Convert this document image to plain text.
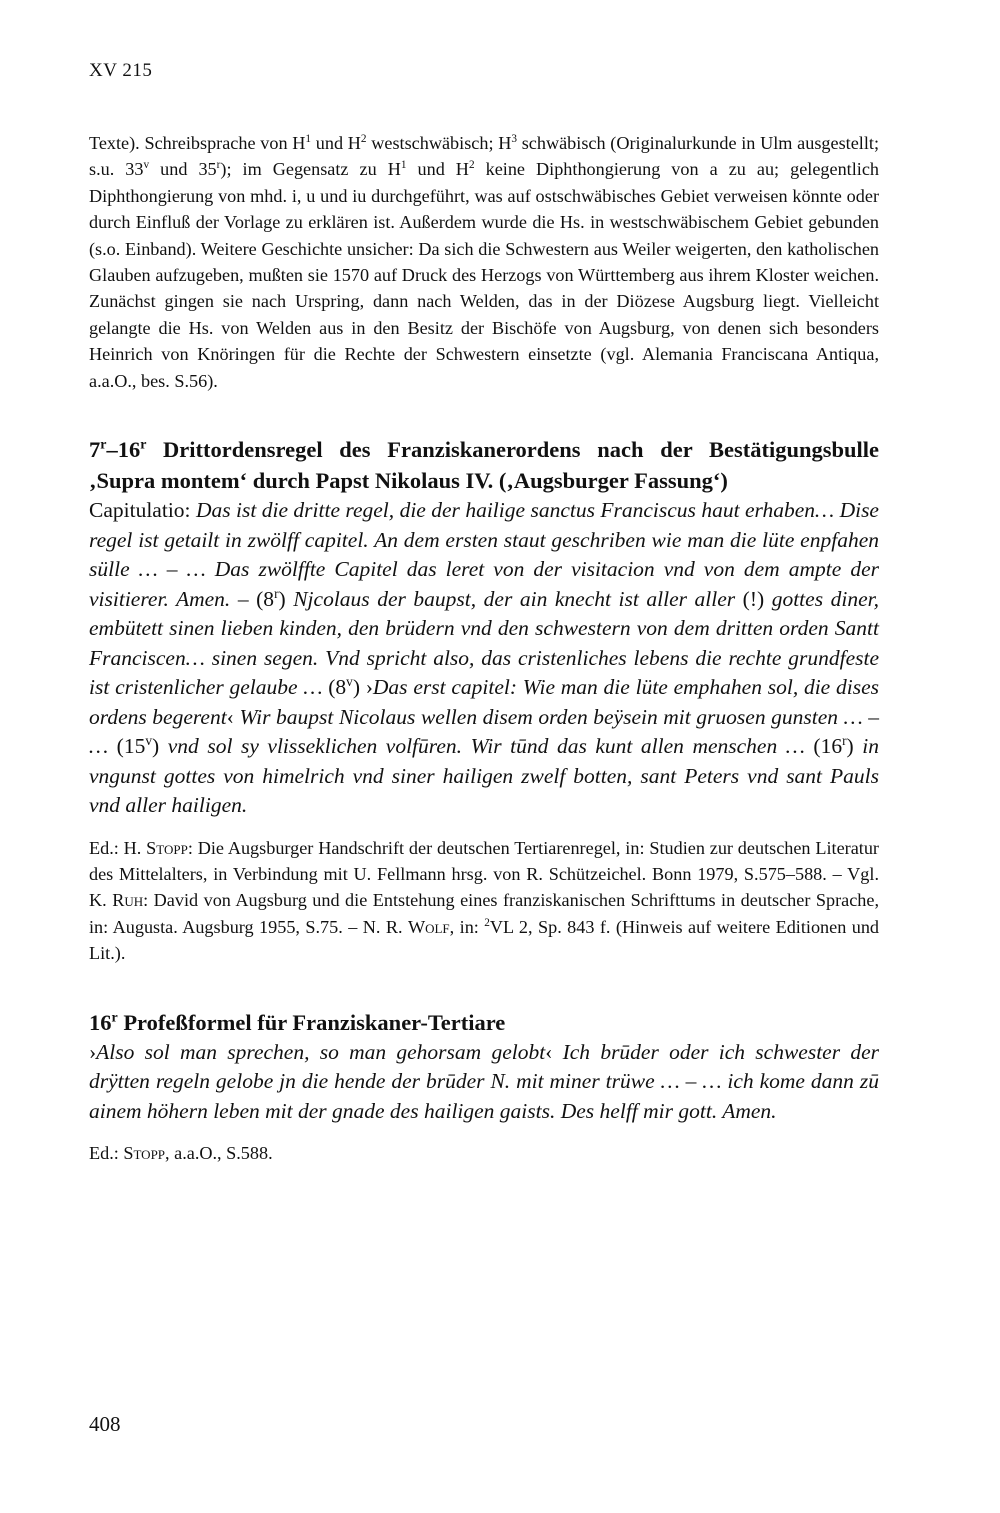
XV 215

Texte). Schreibsprache von $H^1$ und $H^2$ westschwäbisch; $H^3$ schwäbisch (Originalurkunde in Ulm ausgestellt; s.u. 33$^v$ und 35$^r$); im Gegensatz zu $H^1$ und $H^2$ keine Diphthongierung von a zu au; gelegentlich Diphthongierung von mhd. i, u und iu durchgeführt, was auf ostschwäbisches Gebiet verweisen könnte oder durch Einfluß der Vorlage zu erklären ist. Außerdem wurde die Hs. in westschwäbischem Gebiet gebunden (s.o. Einband). Weitere Geschichte unsicher: Da sich die Schwestern aus Weiler weigerten, den katholischen Glauben aufzugeben, mußten sie 1570 auf Druck des Herzogs von Württemberg aus ihrem Kloster weichen. Zunächst gingen sie nach Urspring, dann nach Welden, das in der Diözese Augsburg liegt. Vielleicht gelangte die Hs. von Welden aus in den Besitz der Bischöfe von Augsburg, von denen sich besonders Heinrich von Knöringen für die Rechte der Schwestern einsetzte (vgl. Alemania Franciscana Antiqua, a.a.O., bes. S.56).

7$^r$–16$^r$ Drittordensregel des Franziskanerordens nach der Bestätigungsbulle ‚Supra montem‘ durch Papst Nikolaus IV. (‚Augsburger Fassung‘)

Capitulatio: Das ist die dritte regel, die der hailige sanctus Franciscus haut erhaben… Dise regel ist getailt in zwölff capitel. An dem ersten staut geschriben wie man die lüte enpfahen sülle … – … Das zwölffte Capitel das leret von der visitacion vnd von dem ampte der visitierer. Amen. – (8$^r$) Njcolaus der baupst, der ain knecht ist aller aller (!) gottes diner, embütett sinen lieben kinden, den brüdern vnd den schwestern von dem dritten orden Santt Franciscen… sinen segen. Vnd spricht also, das cristenliches lebens die rechte grundfeste ist cristenlicher gelaube … (8$^v$) ›Das erst capitel: Wie man die lüte emphahen sol, die dises ordens begerent‹ Wir baupst Nicolaus wellen disem orden beÿsein mit gruosen gunsten … – … (15$^v$) vnd sol sy vlissеklichen volfūren. Wir tūnd das kunt allen menschen … (16$^r$) in vngunst gottes von himelrich vnd siner hailigen zwelf botten, sant Peters vnd sant Pauls vnd aller hailigen.

Ed.: H. Stopp: Die Augsburger Handschrift der deutschen Tertiarenregel, in: Studien zur deutschen Literatur des Mittelalters, in Verbindung mit U. Fellmann hrsg. von R. Schützeichel. Bonn 1979, S.575–588. – Vgl. K. Ruh: David von Augsburg und die Entstehung eines franziskanischen Schrifttums in deutscher Sprache, in: Augusta. Augsburg 1955, S.75. – N. R. Wolf, in: $^2$VL 2, Sp. 843 f. (Hinweis auf weitere Editionen und Lit.).

16$^r$ Profeßformel für Franziskaner-Tertiare

›Also sol man sprechen, so man gehorsam gelobt‹ Ich brūder oder ich schwester der drÿtten regeln gelobe jn die hende der brūder N. mit miner trüwe … – … ich kome dann zū ainem höhern leben mit der gnade des hailigen gaists. Des helff mir gott. Amen.

Ed.: Stopp, a.a.O., S.588.

408
